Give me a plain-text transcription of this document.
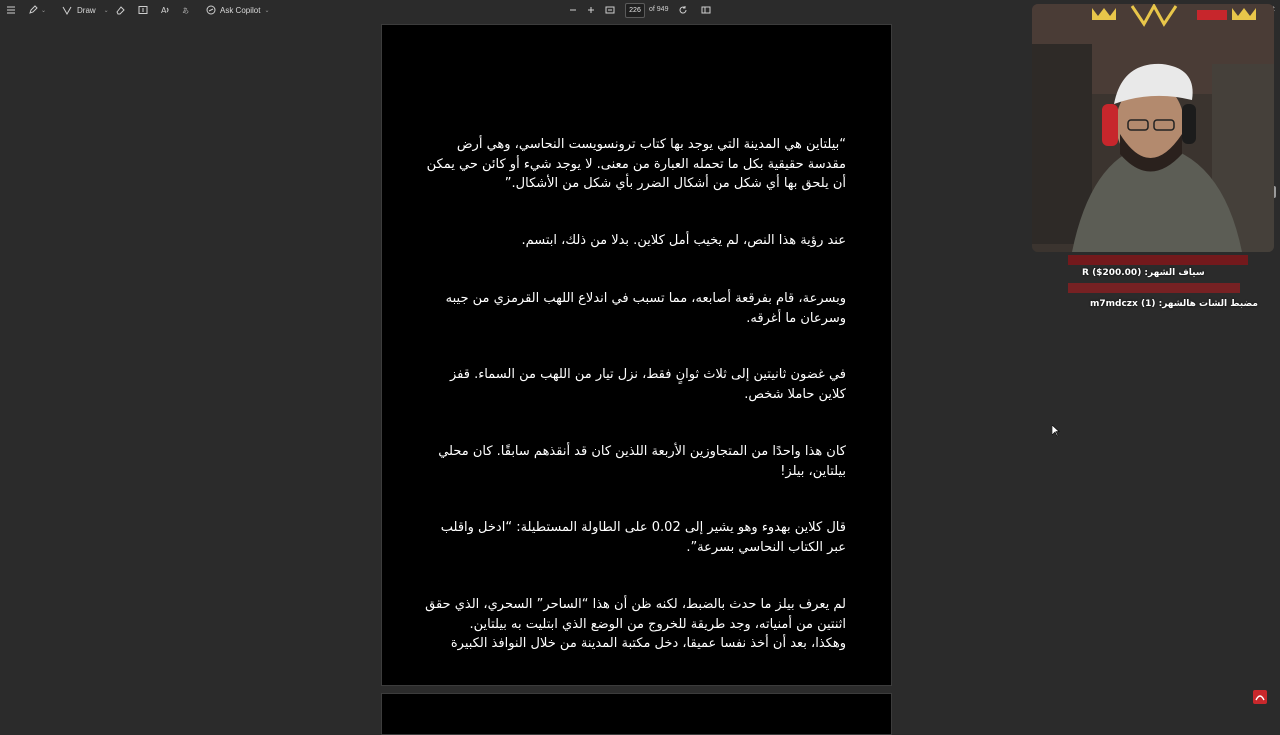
⌄	Draw ⌄	A あ	Ask Copilot ⌄	226	of 949
“بيلتاين هي المدينة التي يوجد بها كتاب ترونسويست النحاسي، وهي أرض
مقدسة حقيقية بكل ما تحمله العبارة من معنى. لا يوجد شيء أو كائن حي يمكن
أن يلحق بها أي شكل من أشكال الضرر بأي شكل من الأشكال.”
عند رؤية هذا النص، لم يخيب أمل كلاين. بدلا من ذلك، ابتسم.
وبسرعة، قام بفرقعة أصابعه، مما تسبب في اندلاع اللهب القرمزي من جيبه
وسرعان ما أغرقه.
في غضون ثانيتين إلى ثلاث ثوانٍ فقط، نزل تيار من اللهب من السماء. قفز
كلاين حاملا شخص.
كان هذا واحدًا من المتجاوزين الأربعة اللذين كان قد أنقذهم سابقًا. كان محلي
بيلتاين، بيلز!
قال كلاين بهدوء وهو يشير إلى 0.02 على الطاولة المستطيلة: “ادخل واقلب
عبر الكتاب النحاسي بسرعة”.
لم يعرف بيلز ما حدث بالضبط، لكنه ظن أن هذا “الساحر” السحري، الذي حقق
اثنتين من أمنياته، وجد طريقة للخروج من الوضع الذي ابتليت به بيلتاين.
وهكذا، بعد أن أخذ نفسا عميقا، دخل مكتبة المدينة من خلال النوافذ الكبيرة
سياف الشهر: (200.00$) R
مضبط الشات هالشهر: (1) m7mdczx
